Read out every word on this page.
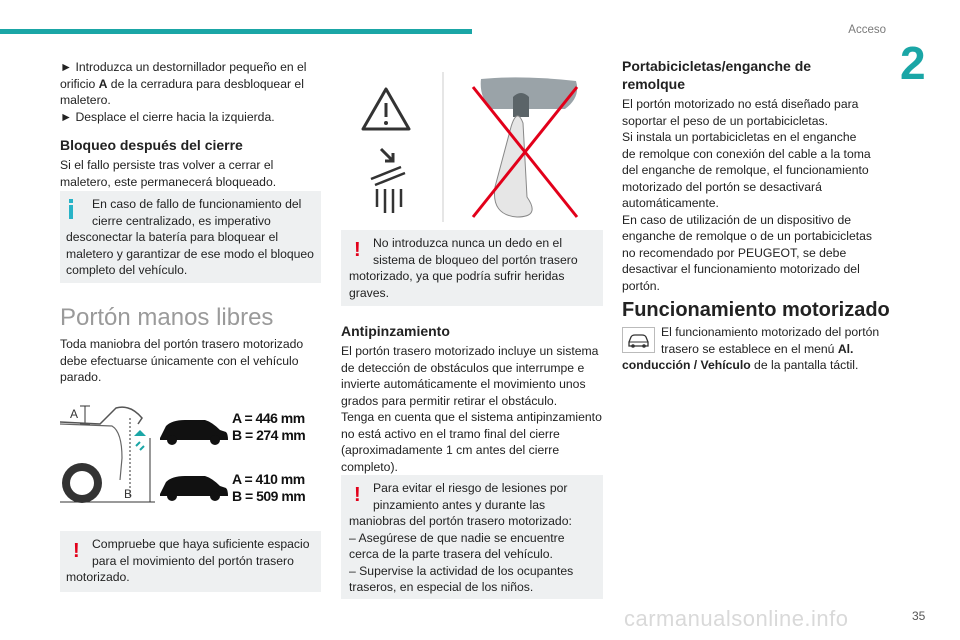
Acceso
2
► Introduzca un destornillador pequeño en el
orificio A de la cerradura para desbloquear el
maletero.
► Desplace el cierre hacia la izquierda.
Bloqueo después del cierre
Si el fallo persiste tras volver a cerrar el
maletero, este permanecerá bloqueado.
En caso de fallo de funcionamiento del
cierre centralizado, es imperativo
desconectar la batería para bloquear el
maletero y garantizar de ese modo el bloqueo
completo del vehículo.
Portón manos libres
Toda maniobra del portón trasero motorizado
debe efectuarse únicamente con el vehículo
parado.
A
B
A = 446 mm
B = 274 mm
A = 410 mm
B = 509 mm
! Compruebe que haya suficiente espacio
para el movimiento del portón trasero
motorizado.
! No introduzca nunca un dedo en el
sistema de bloqueo del portón trasero
motorizado, ya que podría sufrir heridas
graves.
Antipinzamiento
El portón trasero motorizado incluye un sistema
de detección de obstáculos que interrumpe e
invierte automáticamente el movimiento unos
grados para permitir retirar el obstáculo.
Tenga en cuenta que el sistema antipinzamiento
no está activo en el tramo final del cierre
(aproximadamente 1 cm antes del cierre
completo).
! Para evitar el riesgo de lesiones por
pinzamiento antes y durante las
maniobras del portón trasero motorizado:
– Asegúrese de que nadie se encuentre
cerca de la parte trasera del vehículo.
– Supervise la actividad de los ocupantes
traseros, en especial de los niños.
Portabicicletas/enganche de
remolque
El portón motorizado no está diseñado para
soportar el peso de un portabicicletas.
Si instala un portabicicletas en el enganche
de remolque con conexión del cable a la toma
del enganche de remolque, el funcionamiento
motorizado del portón se desactivará
automáticamente.
En caso de utilización de un dispositivo de
enganche de remolque o de un portabicicletas
no recomendado por PEUGEOT, se debe
desactivar el funcionamiento motorizado del
portón.
Funcionamiento motorizado
El funcionamiento motorizado del portón
trasero se establece en el menú Al.
conducción / Vehículo de la pantalla táctil.
carmanualsonline.info	35
